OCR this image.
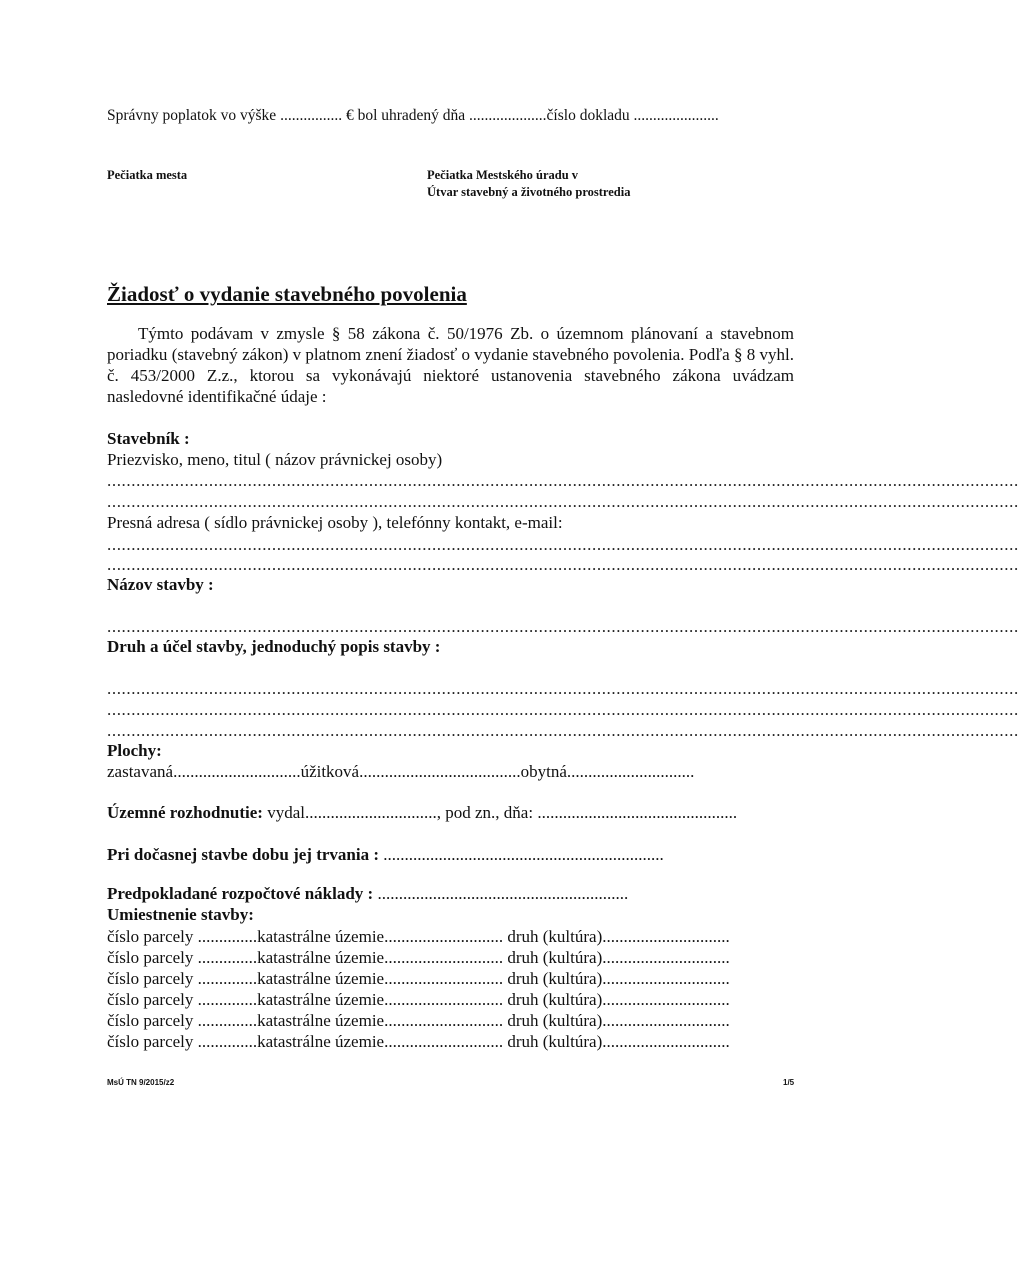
Správny poplatok vo výške ................ € bol uhradený dňa ....................číslo dokladu ......................
Pečiatka mesta	Pečiatka Mestského úradu v
Útvar stavebný a životného prostredia
Žiadosť o vydanie stavebného povolenia

Týmto podávam v zmysle § 58 zákona č. 50/1976 Zb. o územnom plánovaní a stavebnom poriadku (stavebný zákon) v platnom znení žiadosť o vydanie stavebného povolenia. Podľa § 8 vyhl. č. 453/2000 Z.z., ktorou sa vykonávajú niektoré ustanovenia stavebného zákona uvádzam nasledovné identifikačné údaje :

Stavebník :
Priezvisko, meno, titul ( názov právnickej osoby)
............................................................................................................................................................................................
............................................................................................................................................................................................
Presná adresa ( sídlo právnickej osoby ), telefónny kontakt, e-mail:
............................................................................................................................................................................................
............................................................................................................................................................................................
Názov stavby :
............................................................................................................................................................................................
Druh a účel stavby, jednoduchý popis stavby :
............................................................................................................................................................................................
............................................................................................................................................................................................
............................................................................................................................................................................................
Plochy:
zastavaná..............................úžitková......................................obytná..............................
Územné rozhodnutie: vydal..............................., pod zn., dňa: ...............................................
Pri dočasnej stavbe dobu jej trvania : ..................................................................
Predpokladané rozpočtové náklady : ...........................................................
Umiestnenie stavby:
číslo parcely ..............katastrálne územie............................ druh (kultúra)..............................
číslo parcely ..............katastrálne územie............................ druh (kultúra)..............................
číslo parcely ..............katastrálne územie............................ druh (kultúra)..............................
číslo parcely ..............katastrálne územie............................ druh (kultúra)..............................
číslo parcely ..............katastrálne územie............................ druh (kultúra)..............................
číslo parcely ..............katastrálne územie............................ druh (kultúra)..............................
MsÚ TN 9/2015/z2	1/5
